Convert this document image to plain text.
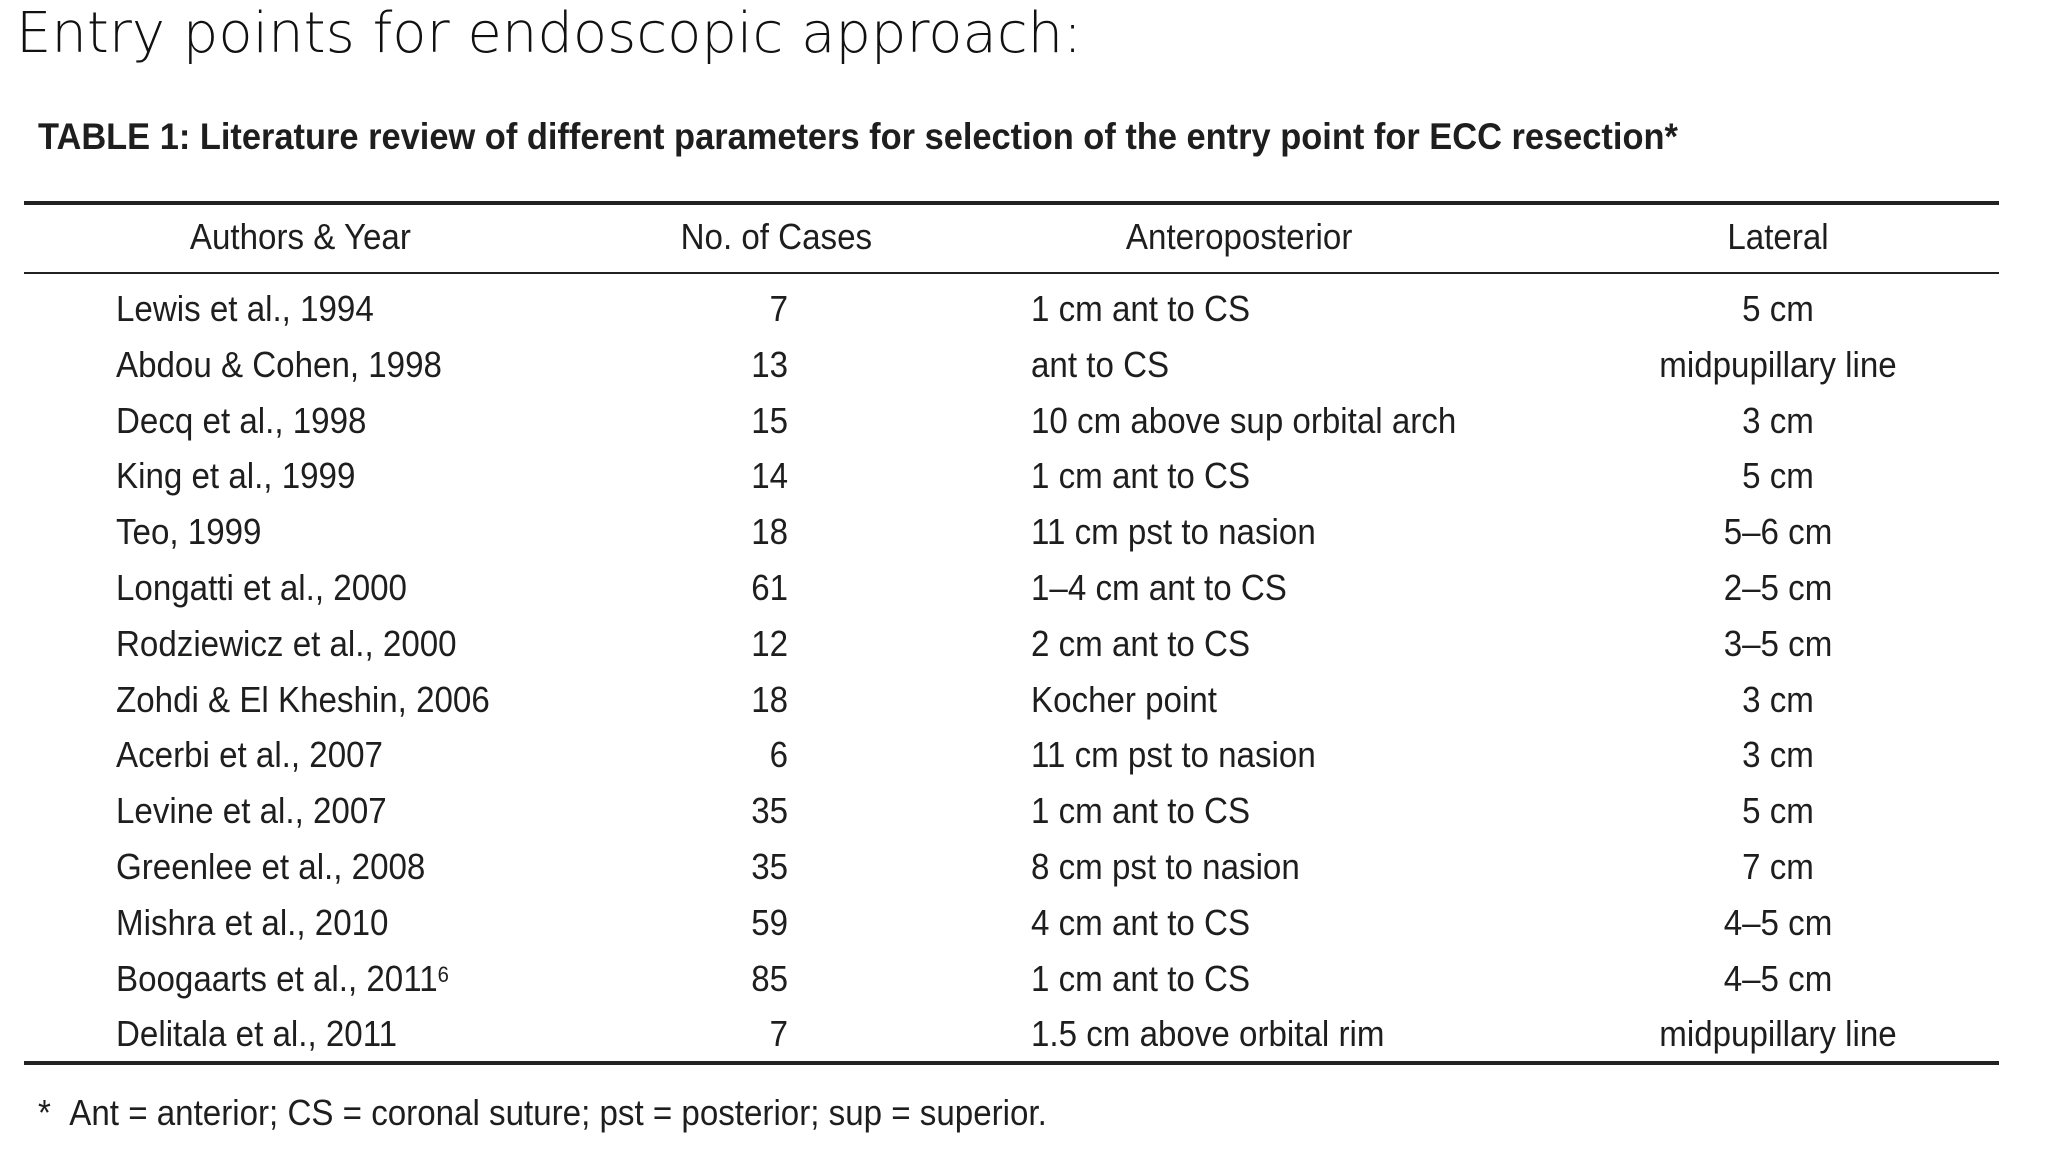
Entry points for endoscopic approach:
TABLE 1: Literature review of different parameters for selection of the entry point for ECC resection*
Authors & Year	No. of Cases	Anteroposterior	Lateral
Lewis et al., 1994	7	1 cm ant to CS	5 cm
Abdou & Cohen, 1998	13	ant to CS	midpupillary line
Decq et al., 1998	15	10 cm above sup orbital arch	3 cm
King et al., 1999	14	1 cm ant to CS	5 cm
Teo, 1999	18	11 cm pst to nasion	5–6 cm
Longatti et al., 2000	61	1–4 cm ant to CS	2–5 cm
Rodziewicz et al., 2000	12	2 cm ant to CS	3–5 cm
Zohdi & El Kheshin, 2006	18	Kocher point	3 cm
Acerbi et al., 2007	6	11 cm pst to nasion	3 cm
Levine et al., 2007	35	1 cm ant to CS	5 cm
Greenlee et al., 2008	35	8 cm pst to nasion	7 cm
Mishra et al., 2010	59	4 cm ant to CS	4–5 cm
Boogaarts et al., 2011$^6$	85	1 cm ant to CS	4–5 cm
Delitala et al., 2011	7	1.5 cm above orbital rim	midpupillary line
* Ant = anterior; CS = coronal suture; pst = posterior; sup = superior.
